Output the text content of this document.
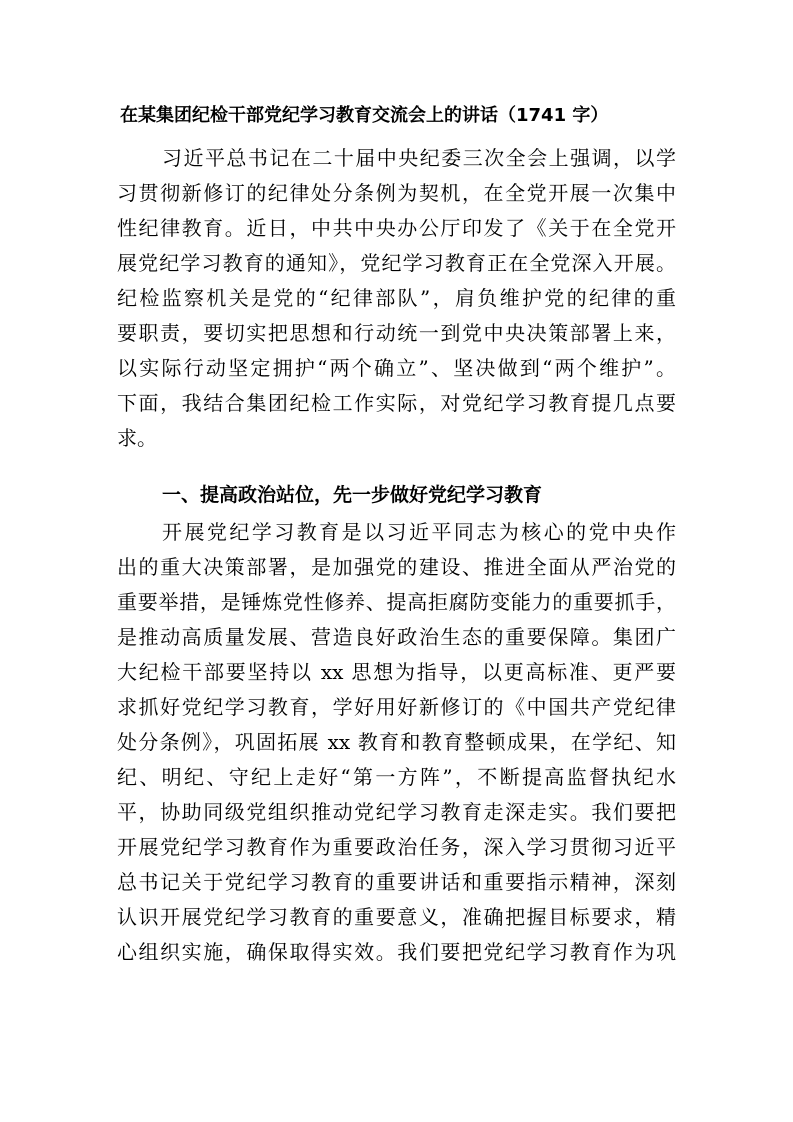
在某集团纪检干部党纪学习教育交流会上的讲话（1741 字）
习近平总书记在二十届中央纪委三次全会上强调，以学
习贯彻新修订的纪律处分条例为契机，在全党开展一次集中
性纪律教育。近日，中共中央办公厅印发了《关于在全党开
展党纪学习教育的通知》，党纪学习教育正在全党深入开展。
纪检监察机关是党的“纪律部队”，肩负维护党的纪律的重
要职责，要切实把思想和行动统一到党中央决策部署上来，
以实际行动坚定拥护“两个确立”、坚决做到“两个维护”。
下面，我结合集团纪检工作实际，对党纪学习教育提几点要
求。
一、提高政治站位，先一步做好党纪学习教育
开展党纪学习教育是以习近平同志为核心的党中央作
出的重大决策部署，是加强党的建设、推进全面从严治党的
重要举措，是锤炼党性修养、提高拒腐防变能力的重要抓手，
是推动高质量发展、营造良好政治生态的重要保障。集团广
大纪检干部要坚持以 xx 思想为指导，以更高标准、更严要
求抓好党纪学习教育，学好用好新修订的《中国共产党纪律
处分条例》，巩固拓展 xx 教育和教育整顿成果，在学纪、知
纪、明纪、守纪上走好“第一方阵”，不断提高监督执纪水
平，协助同级党组织推动党纪学习教育走深走实。我们要把
开展党纪学习教育作为重要政治任务，深入学习贯彻习近平
总书记关于党纪学习教育的重要讲话和重要指示精神，深刻
认识开展党纪学习教育的重要意义，准确把握目标要求，精
心组织实施，确保取得实效。我们要把党纪学习教育作为巩
